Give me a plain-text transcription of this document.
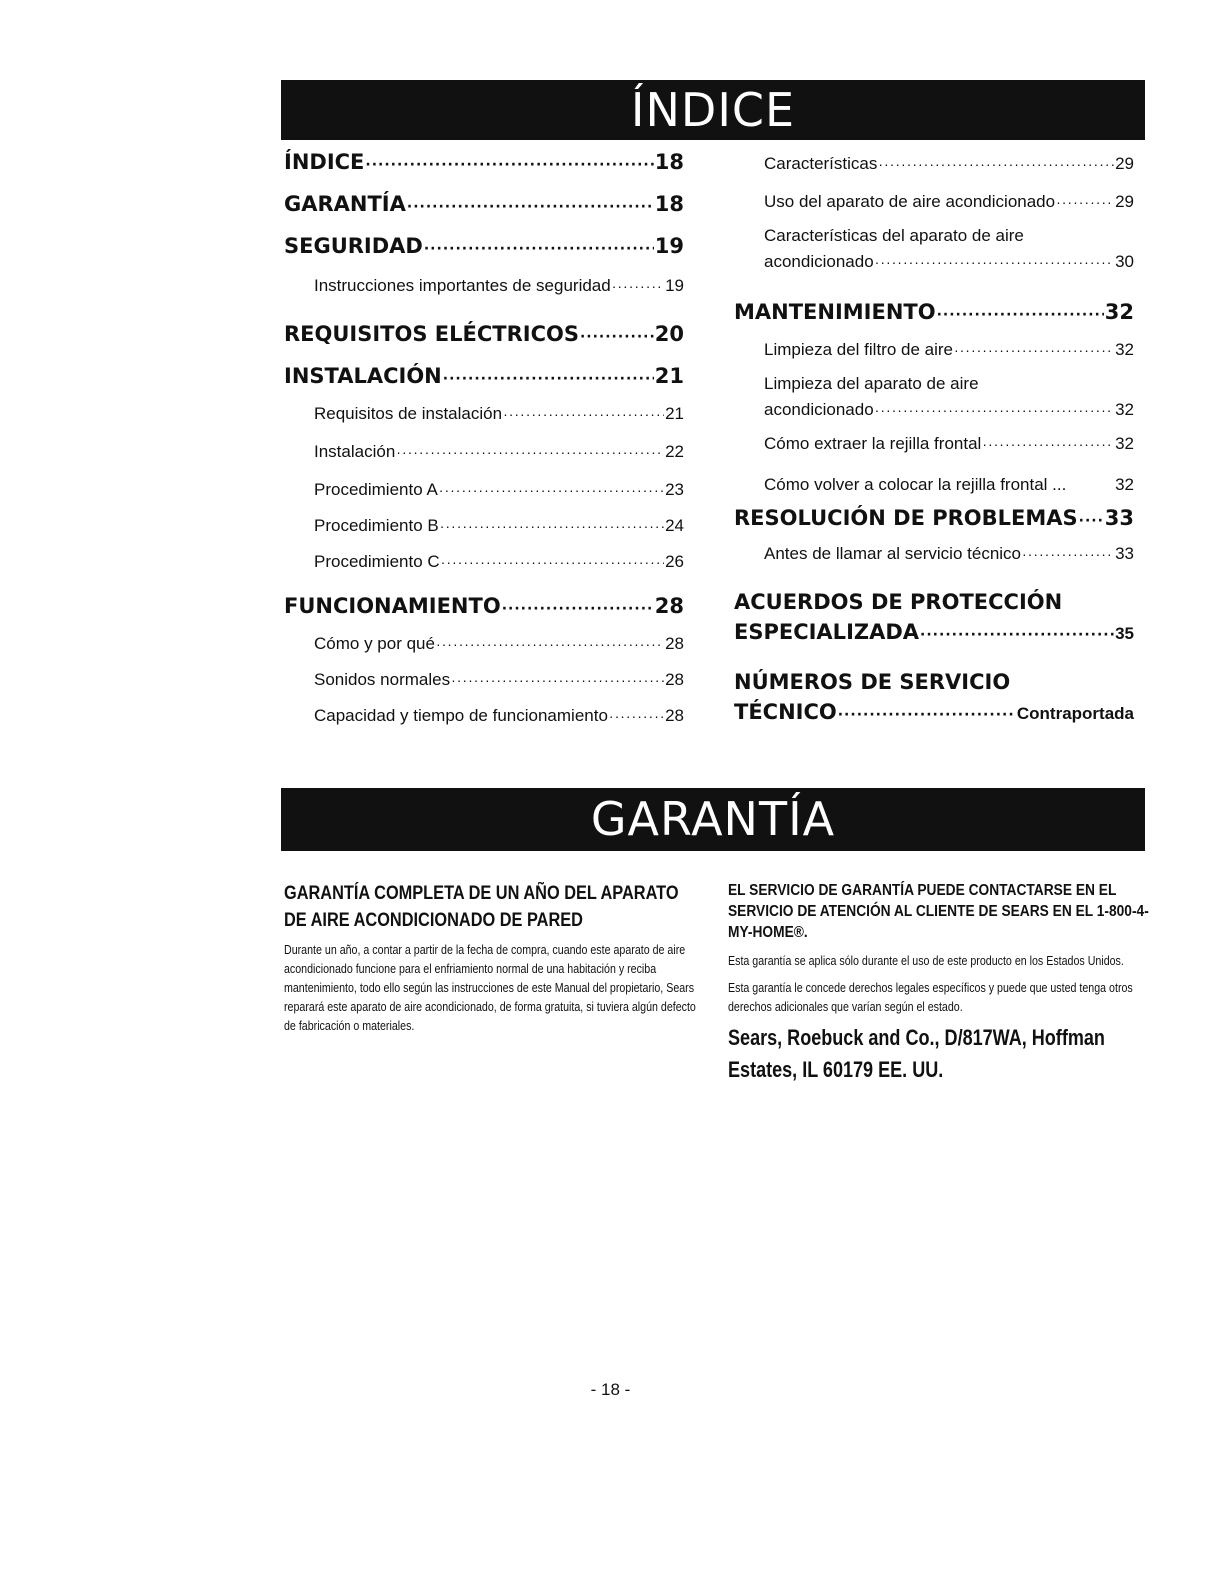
ÍNDICE
ÍNDICE ·····	18
GARANTÍA ·····	18
SEGURIDAD ·····	19
Instrucciones importantes de seguridad ·····	19
REQUISITOS ELÉCTRICOS ·····	20
INSTALACIÓN ·····	21
Requisitos de instalación ·····	21
Instalación ·····	22
Procedimiento A ·····	23
Procedimiento B ·····	24
Procedimiento C ·····	26
FUNCIONAMIENTO ·····	28
Cómo y por qué ·····	28
Sonidos normales ·····	28
Capacidad y tiempo de funcionamiento ·····	28
Características ·····	29
Uso del aparato de aire acondicionado ·····	29
Características del aparato de aire
acondicionado ·····	30
MANTENIMIENTO ·····	32
Limpieza del filtro de aire ·····	32
Limpieza del aparato de aire
acondicionado ·····	32
Cómo extraer la rejilla frontal ·····	32
Cómo volver a colocar la rejilla frontal ...	32
RESOLUCIÓN DE PROBLEMAS ····· 33
Antes de llamar al servicio técnico ·····	33
ACUERDOS DE PROTECCIÓN
ESPECIALIZADA ·····	35
NÚMEROS DE SERVICIO
TÉCNICO ·····	Contraportada
GARANTÍA

GARANTÍA COMPLETA DE UN AÑO DEL APARATO DE AIRE ACONDICIONADO DE PARED

Durante un año, a contar a partir de la fecha de compra, cuando este aparato de aire acondicionado funcione para el enfriamiento normal de una habitación y reciba mantenimiento, todo ello según las instrucciones de este Manual del propietario, Sears reparará este aparato de aire acondicionado, de forma gratuita, si tuviera algún defecto de fabricación o materiales.

EL SERVICIO DE GARANTÍA PUEDE CONTACTARSE EN EL SERVICIO DE ATENCIÓN AL CLIENTE DE SEARS EN EL 1-800-4-MY-HOME®.

Esta garantía se aplica sólo durante el uso de este producto en los Estados Unidos.

Esta garantía le concede derechos legales específicos y puede que usted tenga otros derechos adicionales que varían según el estado.

Sears, Roebuck and Co., D/817WA, Hoffman Estates, IL 60179 EE. UU.

- 18 -
